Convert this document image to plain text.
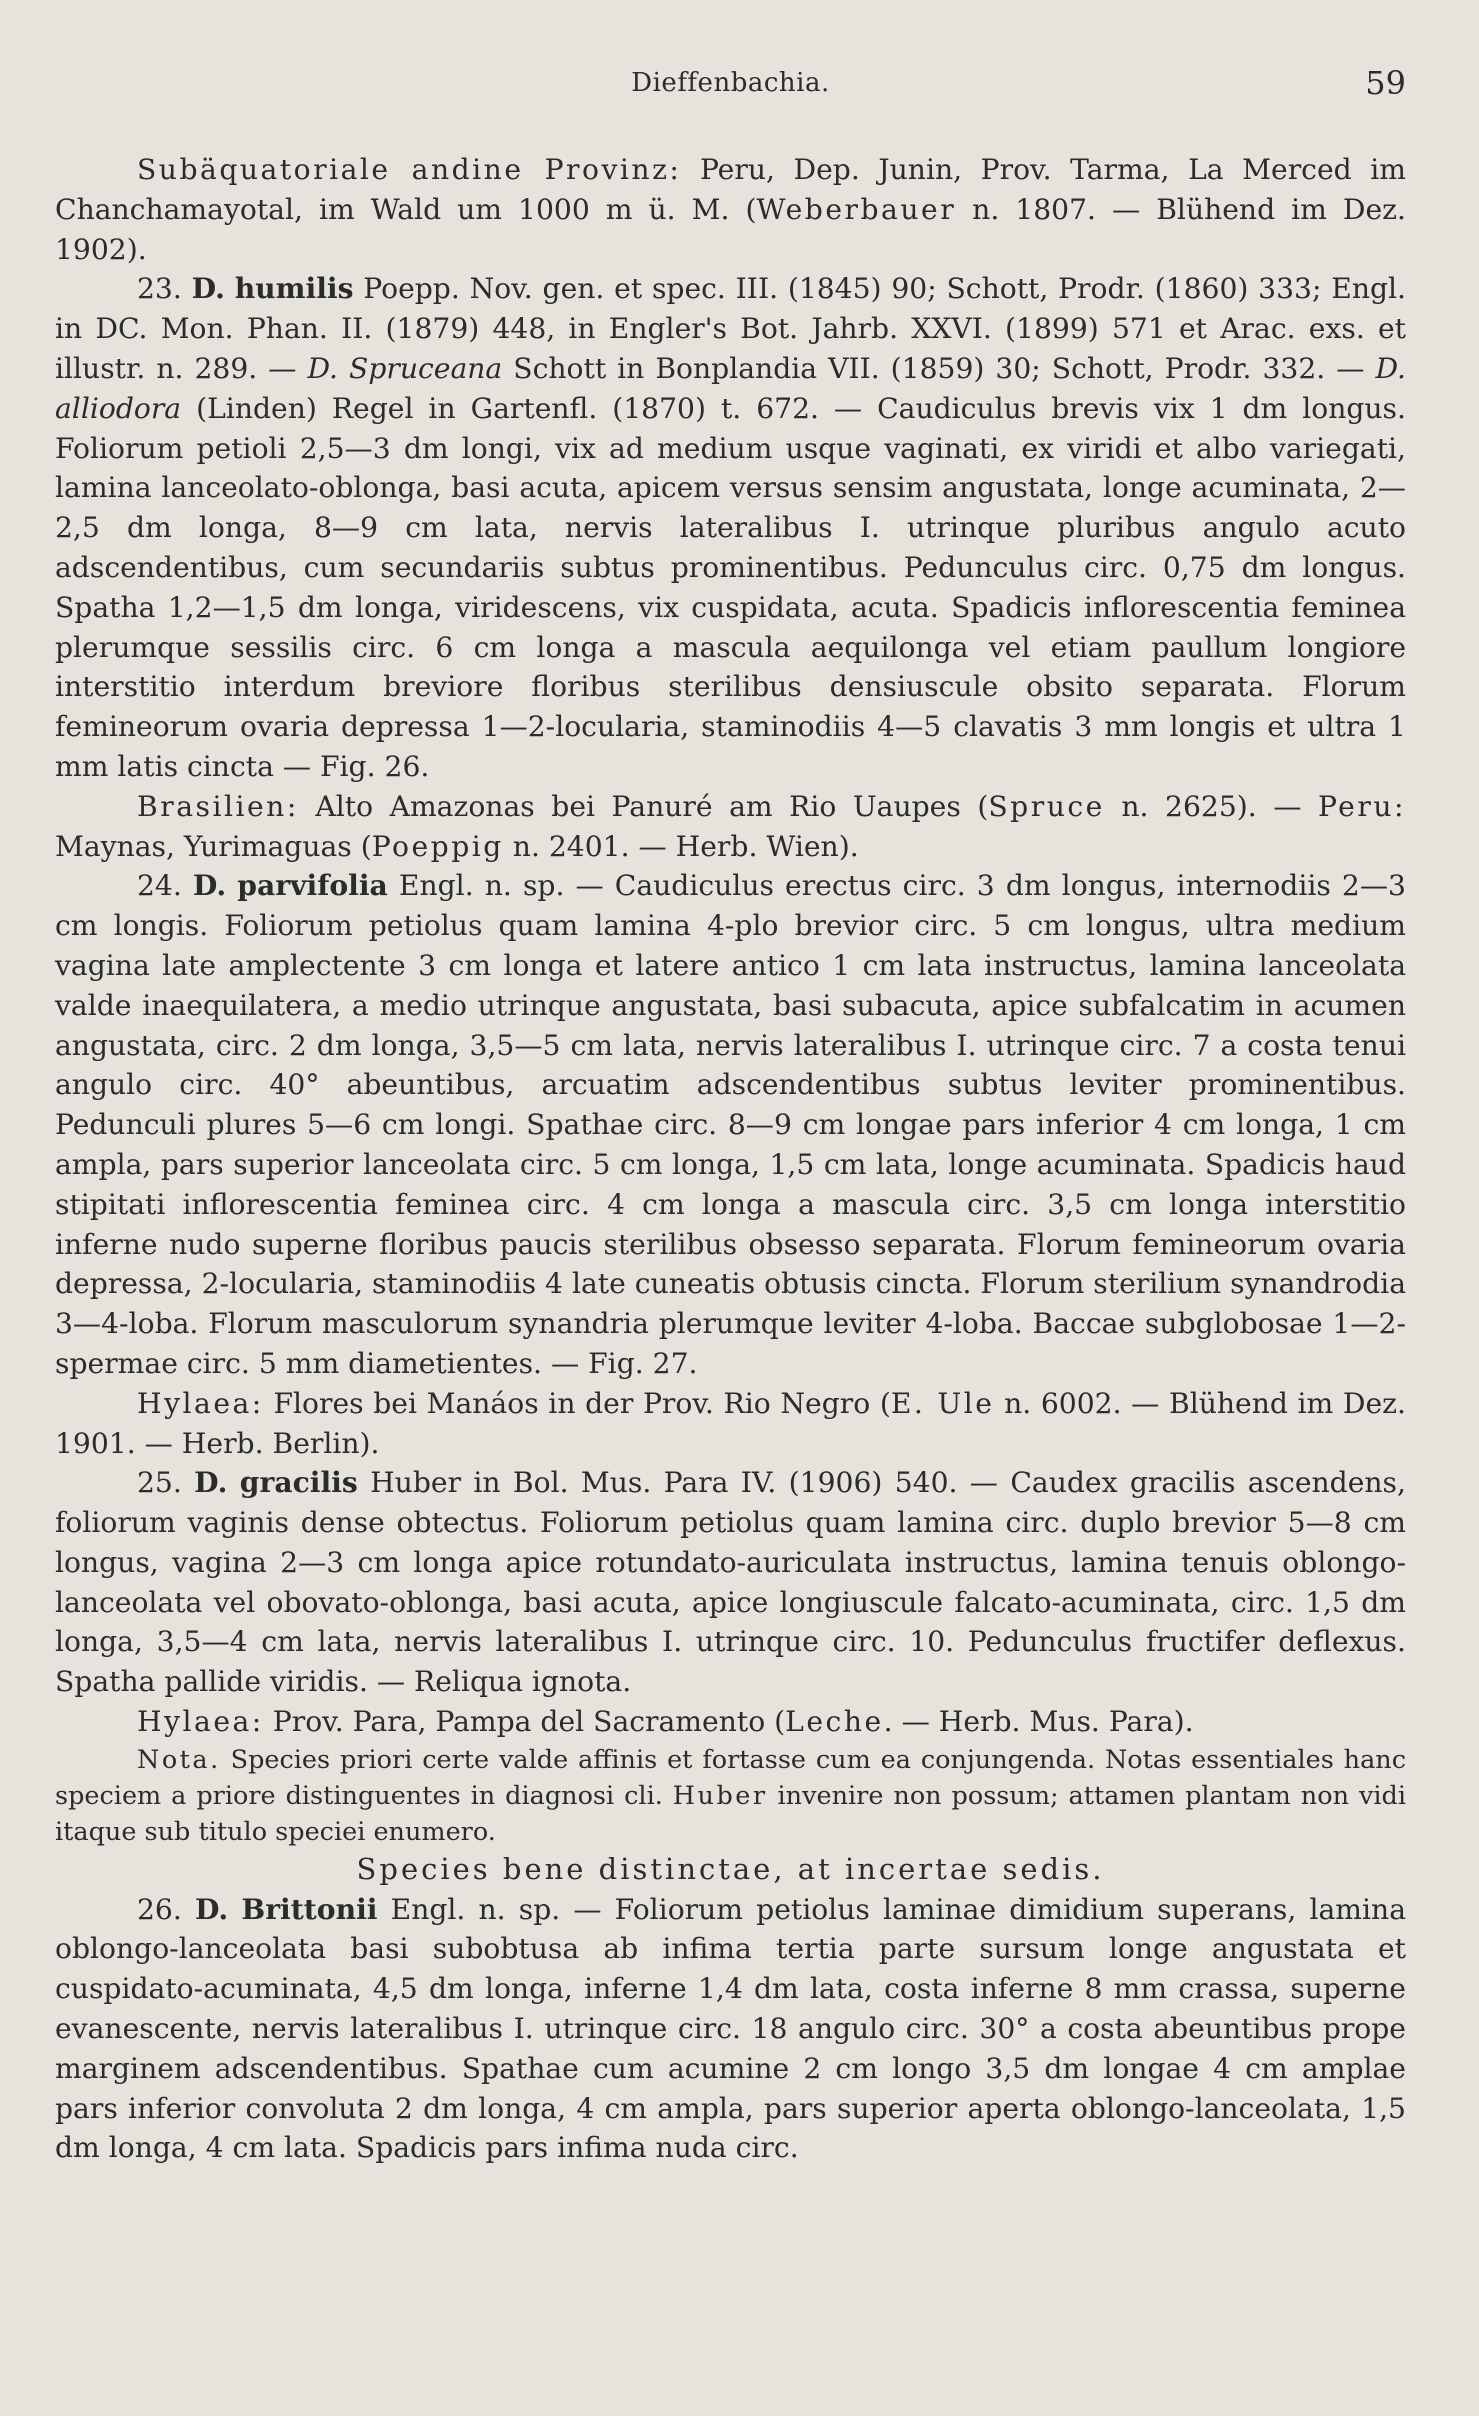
Dieffenbachia.	59

Subäquatoriale andine Provinz: Peru, Dep. Junin, Prov. Tarma, La Merced im Chanchamayotal, im Wald um 1000 m ü. M. (Weberbauer n. 1807. — Blühend im Dez. 1902).

23. D. humilis Poepp. Nov. gen. et spec. III. (1845) 90; Schott, Prodr. (1860) 333; Engl. in DC. Mon. Phan. II. (1879) 448, in Engler's Bot. Jahrb. XXVI. (1899) 571 et Arac. exs. et illustr. n. 289. — D. Spruceana Schott in Bonplandia VII. (1859) 30; Schott, Prodr. 332. — D. alliodora (Linden) Regel in Gartenfl. (1870) t. 672. — Caudiculus brevis vix 1 dm longus. Foliorum petioli 2,5—3 dm longi, vix ad medium usque vaginati, ex viridi et albo variegati, lamina lanceolato-oblonga, basi acuta, apicem versus sensim angustata, longe acuminata, 2—2,5 dm longa, 8—9 cm lata, nervis lateralibus I. utrinque pluribus angulo acuto adscendentibus, cum secundariis subtus prominentibus. Pedunculus circ. 0,75 dm longus. Spatha 1,2—1,5 dm longa, viridescens, vix cuspidata, acuta. Spadicis inflorescentia feminea plerumque sessilis circ. 6 cm longa a mascula aequilonga vel etiam paullum longiore interstitio interdum breviore floribus sterilibus densiuscule obsito separata. Florum femineorum ovaria depressa 1—2-locularia, staminodiis 4—5 clavatis 3 mm longis et ultra 1 mm latis cincta — Fig. 26.

Brasilien: Alto Amazonas bei Panuré am Rio Uaupes (Spruce n. 2625). — Peru: Maynas, Yurimaguas (Poeppig n. 2401. — Herb. Wien).

24. D. parvifolia Engl. n. sp. — Caudiculus erectus circ. 3 dm longus, internodiis 2—3 cm longis. Foliorum petiolus quam lamina 4-plo brevior circ. 5 cm longus, ultra medium vagina late amplectente 3 cm longa et latere antico 1 cm lata instructus, lamina lanceolata valde inaequilatera, a medio utrinque angustata, basi subacuta, apice subfalcatim in acumen angustata, circ. 2 dm longa, 3,5—5 cm lata, nervis lateralibus I. utrinque circ. 7 a costa tenui angulo circ. 40° abeuntibus, arcuatim adscendentibus subtus leviter prominentibus. Pedunculi plures 5—6 cm longi. Spathae circ. 8—9 cm longae pars inferior 4 cm longa, 1 cm ampla, pars superior lanceolata circ. 5 cm longa, 1,5 cm lata, longe acuminata. Spadicis haud stipitati inflorescentia feminea circ. 4 cm longa a mascula circ. 3,5 cm longa interstitio inferne nudo superne floribus paucis sterilibus obsesso separata. Florum femineorum ovaria depressa, 2-locularia, staminodiis 4 late cuneatis obtusis cincta. Florum sterilium synandrodia 3—4-loba. Florum masculorum synandria plerumque leviter 4-loba. Baccae subglobosae 1—2-spermae circ. 5 mm diametientes. — Fig. 27.

Hylaea: Flores bei Manáos in der Prov. Rio Negro (E. Ule n. 6002. — Blühend im Dez. 1901. — Herb. Berlin).

25. D. gracilis Huber in Bol. Mus. Para IV. (1906) 540. — Caudex gracilis ascendens, foliorum vaginis dense obtectus. Foliorum petiolus quam lamina circ. duplo brevior 5—8 cm longus, vagina 2—3 cm longa apice rotundato-auriculata instructus, lamina tenuis oblongo-lanceolata vel obovato-oblonga, basi acuta, apice longiuscule falcato-acuminata, circ. 1,5 dm longa, 3,5—4 cm lata, nervis lateralibus I. utrinque circ. 10. Pedunculus fructifer deflexus. Spatha pallide viridis. — Reliqua ignota.

Hylaea: Prov. Para, Pampa del Sacramento (Leche. — Herb. Mus. Para).

Nota. Species priori certe valde affinis et fortasse cum ea conjungenda. Notas essentiales hanc speciem a priore distinguentes in diagnosi cli. Huber invenire non possum; attamen plantam non vidi itaque sub titulo speciei enumero.

Species bene distinctae, at incertae sedis.

26. D. Brittonii Engl. n. sp. — Foliorum petiolus laminae dimidium superans, lamina oblongo-lanceolata basi subobtusa ab infima tertia parte sursum longe angustata et cuspidato-acuminata, 4,5 dm longa, inferne 1,4 dm lata, costa inferne 8 mm crassa, superne evanescente, nervis lateralibus I. utrinque circ. 18 angulo circ. 30° a costa abeuntibus prope marginem adscendentibus. Spathae cum acumine 2 cm longo 3,5 dm longae 4 cm amplae pars inferior convoluta 2 dm longa, 4 cm ampla, pars superior aperta oblongo-lanceolata, 1,5 dm longa, 4 cm lata. Spadicis pars infima nuda circ.
